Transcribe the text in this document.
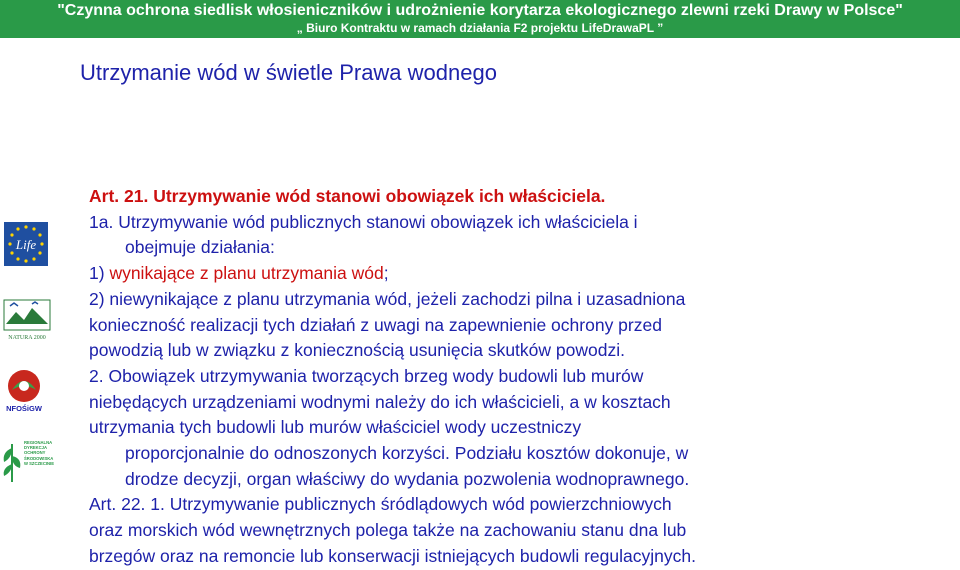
"Czynna ochrona siedlisk włosieniczników i udrożnienie korytarza ekologicznego zlewni rzeki Drawy w Polsce"
„ Biuro Kontraktu w ramach działania F2 projektu LifeDrawaPL ”
Utrzymanie wód w świetle Prawa wodnego
Life
NATURA 2000
NFOŚiGW
REGIONALNA DYREKCJA OCHRONY ŚRODOWISKA W SZCZECINIE
Art. 21. Utrzymywanie wód stanowi obowiązek ich właściciela.
1a. Utrzymywanie wód publicznych stanowi obowiązek ich właściciela i
obejmuje działania:
1) wynikające z planu utrzymania wód;
2) niewynikające z planu utrzymania wód, jeżeli zachodzi pilna i uzasadniona
konieczność realizacji tych działań z uwagi na zapewnienie ochrony przed
powodzią lub w związku z koniecznością usunięcia skutków powodzi.
2. Obowiązek utrzymywania tworzących brzeg wody budowli lub murów
niebędących urządzeniami wodnymi należy do ich właścicieli, a w kosztach
utrzymania tych budowli lub murów właściciel wody uczestniczy
proporcjonalnie do odnoszonych korzyści. Podziału kosztów dokonuje, w
drodze decyzji, organ właściwy do wydania pozwolenia wodnoprawnego.
Art. 22. 1. Utrzymywanie publicznych śródlądowych wód powierzchniowych
oraz morskich wód wewnętrznych polega także na zachowaniu stanu dna lub
brzegów oraz na remoncie lub konserwacji istniejących budowli regulacyjnych.
